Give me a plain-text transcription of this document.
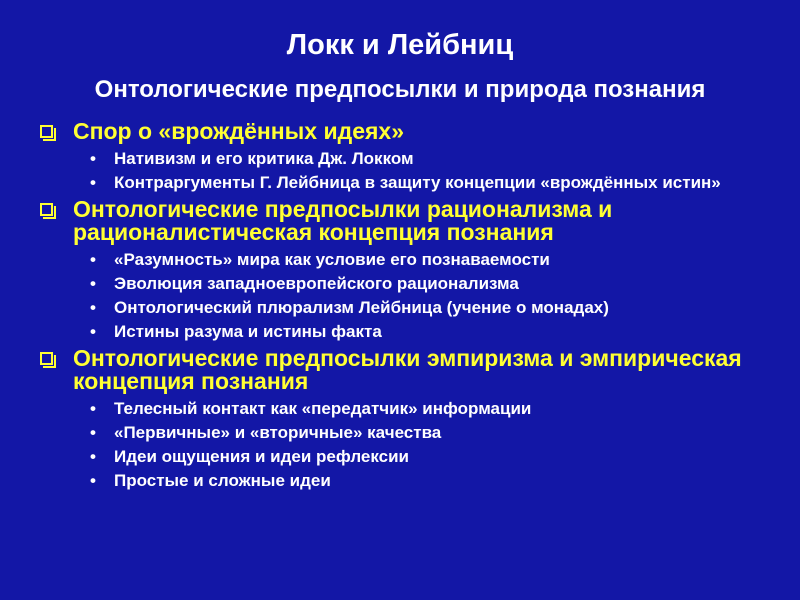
Локк и Лейбниц
Онтологические предпосылки и природа познания
Спор о «врождённых идеях»
•	Нативизм и его критика Дж. Локком
•	Контраргументы Г. Лейбница в защиту концепции «врождённых истин»
Онтологические предпосылки рационализма и рационалистическая концепция познания
•	«Разумность» мира как условие его познаваемости
•	Эволюция западноевропейского рационализма
•	Онтологический плюрализм Лейбница (учение о монадах)
•	Истины разума и истины факта
Онтологические предпосылки эмпиризма и эмпирическая концепция познания
•	Телесный контакт как «передатчик» информации
•	«Первичные» и «вторичные» качества
•	Идеи ощущения и идеи рефлексии
•	Простые и сложные идеи
